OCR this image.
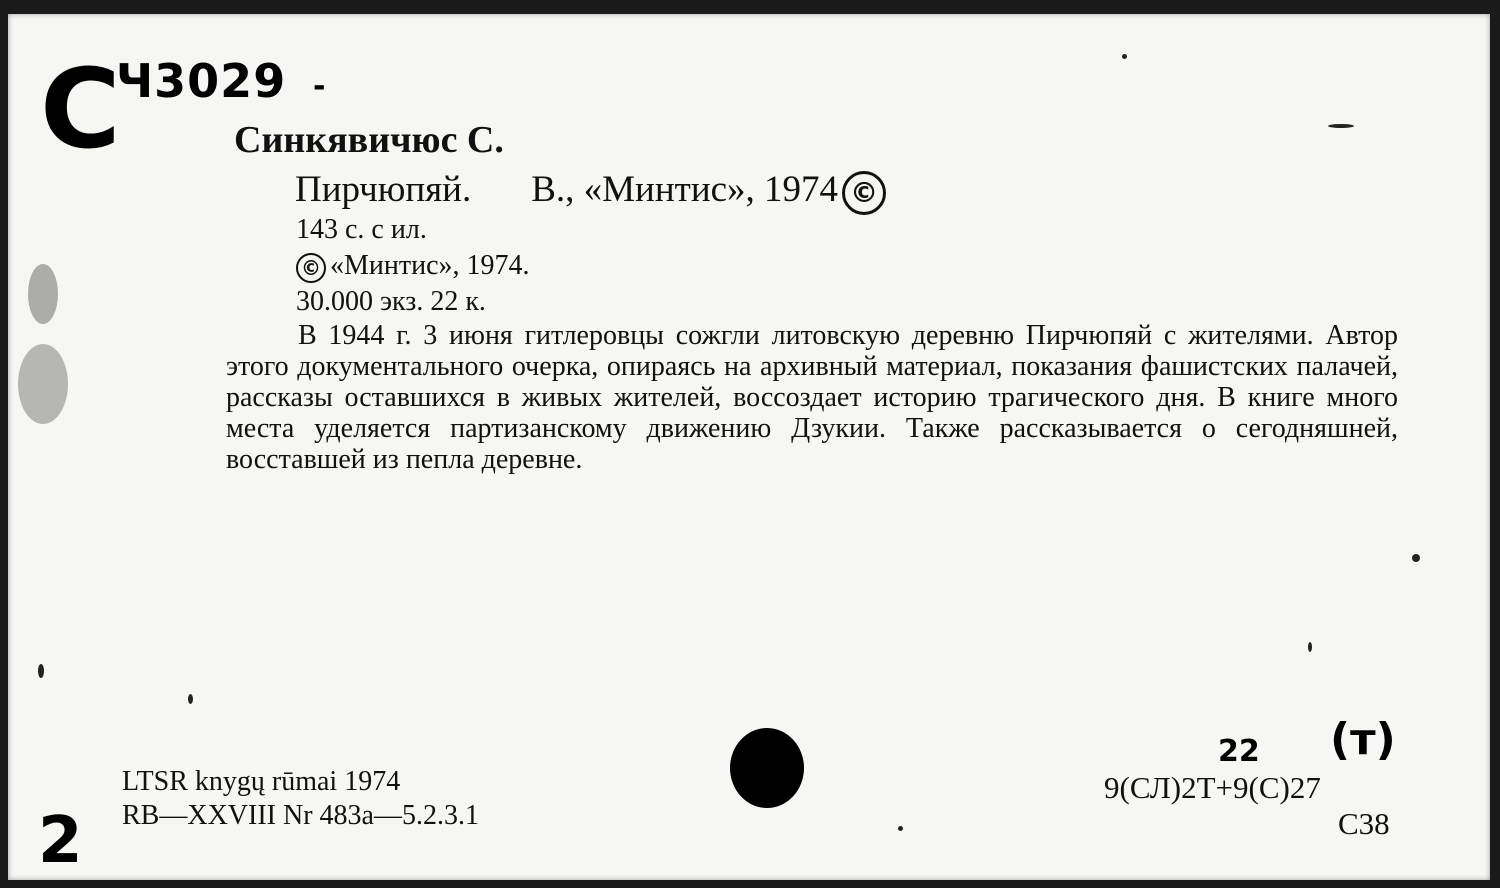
С
Ч3029 -
Синкявичюс С.
Пирчюпяй. В., «Минтис», 1974 ©
143 с. с ил.
© «Минтис», 1974.
30.000 экз. 22 к.
В 1944 г. 3 июня гитлеровцы сожгли литовскую деревню Пирчюпяй с жителями. Автор этого документального очерка, опираясь на архивный материал, показания фашистских палачей, рассказы оставшихся в живых жителей, воссоздает историю трагического дня. В книге много места уделяется партизанскому движению Дзукии. Также рассказывается о сегодняшней, восставшей из пепла деревне.
LTSR knygų rūmai 1974
RB—XXVIII Nr 483a—5.2.3.1
22 (т)
9(СЛ)2Т+9(С)27
С38
2
